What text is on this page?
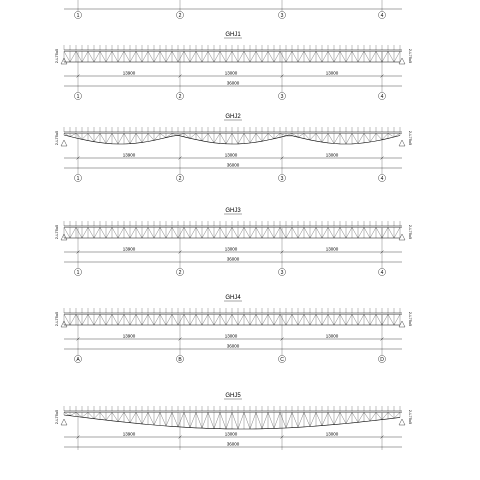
1	2	3	4
GHJ1
2-L75x5	2-L75x5
13900	13000	13000
36000
1	2	3	4
GHJ2
2-L75x5	2-L75x5
13900	13000	13000
36000
1	2	3	4
GHJ3
2-L75x5	2-L75x5
13900	13000	13000
36000
1	2	3	4
GHJ4
2-L75x5	2-L75x5
13900	13000	13000
36000
A	B	C	D
GHJ5
2-L75x5	2-L75x5
13900	13000	13000
36000
